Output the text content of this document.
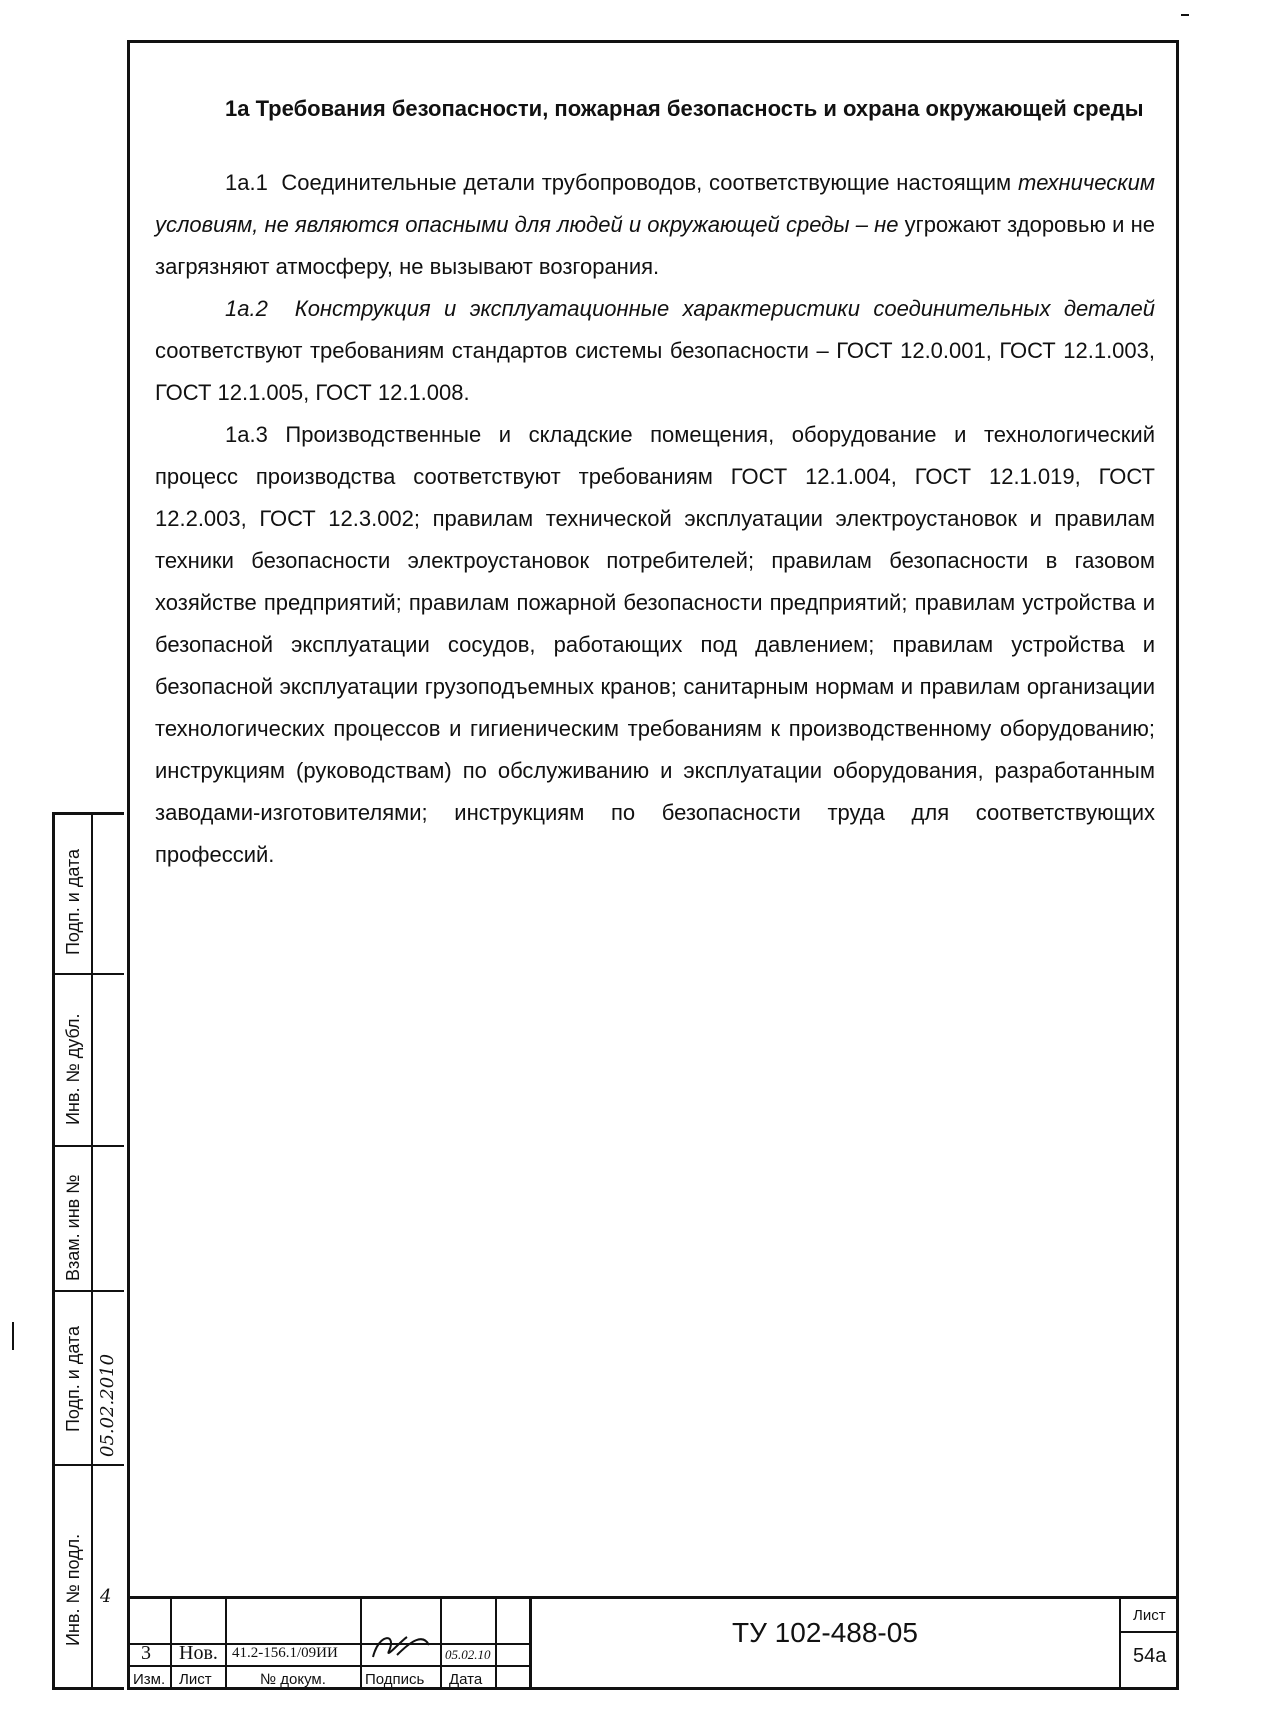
1а Требования безопасности, пожарная безопасность и охрана окружающей среды

1а.1 Соединительные детали трубопроводов, соответствующие настоящим техническим условиям, не являются опасными для людей и окружающей среды – не угрожают здоровью и не загрязняют атмосферу, не вызывают возгорания.

1а.2 Конструкция и эксплуатационные характеристики соединительных деталей соответствуют требованиям стандартов системы безопасности – ГОСТ 12.0.001, ГОСТ 12.1.003, ГОСТ 12.1.005, ГОСТ 12.1.008.

1а.3 Производственные и складские помещения, оборудование и технологический процесс производства соответствуют требованиям ГОСТ 12.1.004, ГОСТ 12.1.019, ГОСТ 12.2.003, ГОСТ 12.3.002; правилам технической эксплуатации электроустановок и правилам техники безопасности электроустановок потребителей; правилам безопасности в газовом хозяйстве предприятий; правилам пожарной безопасности предприятий; правилам устройства и безопасной эксплуатации сосудов, работающих под давлением; правилам устройства и безопасной эксплуатации грузоподъемных кранов; санитарным нормам и правилам организации технологических процессов и гигиеническим требованиям к производственному оборудованию; инструкциям (руководствам) по обслуживанию и эксплуатации оборудования, разработанным заводами-изготовителями; инструкциям по безопасности труда для соответствующих профессий.

Подп. и дата
Инв. № дубл.
Взам. инв №
Подп. и дата 05.02.2010
Инв. № подл. 4
3 Нов. 41.2-156.1/09ИИ	05.02.10
Изм. Лист	№ докум.	Подпись Дата
ТУ 102-488-05
Лист
54а
